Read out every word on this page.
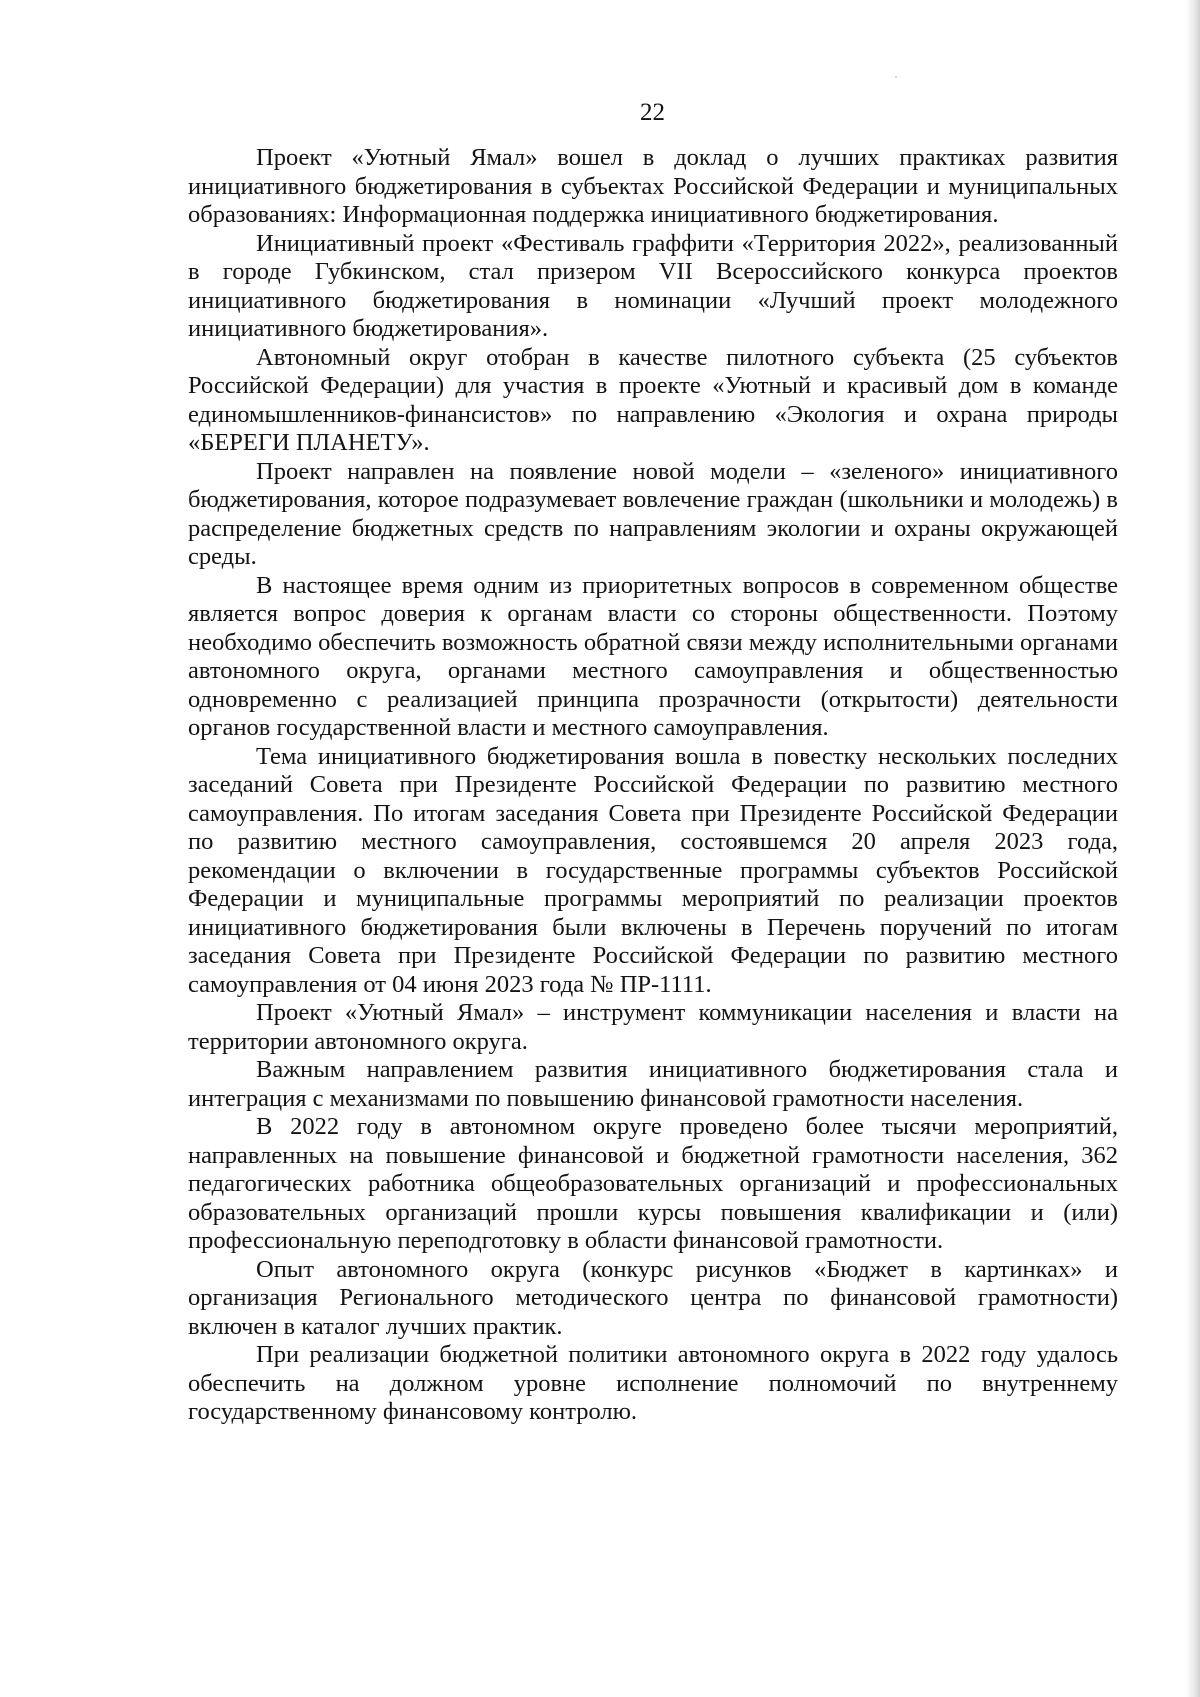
22

Проект «Уютный Ямал» вошел в доклад о лучших практиках развития инициативного бюджетирования в субъектах Российской Федерации и муниципальных образованиях: Информационная поддержка инициативного бюджетирования.

Инициативный проект «Фестиваль граффити «Территория 2022», реализованный в городе Губкинском, стал призером VII Всероссийского конкурса проектов инициативного бюджетирования в номинации «Лучший проект молодежного инициативного бюджетирования».

Автономный округ отобран в качестве пилотного субъекта (25 субъектов Российской Федерации) для участия в проекте «Уютный и красивый дом в команде единомышленников-финансистов» по направлению «Экология и охрана природы «БЕРЕГИ ПЛАНЕТУ».

Проект направлен на появление новой модели – «зеленого» инициативного бюджетирования, которое подразумевает вовлечение граждан (школьники и молодежь) в распределение бюджетных средств по направлениям экологии и охраны окружающей среды.

В настоящее время одним из приоритетных вопросов в современном обществе является вопрос доверия к органам власти со стороны общественности. Поэтому необходимо обеспечить возможность обратной связи между исполнительными органами автономного округа, органами местного самоуправления и общественностью одновременно с реализацией принципа прозрачности (открытости) деятельности органов государственной власти и местного самоуправления.

Тема инициативного бюджетирования вошла в повестку нескольких последних заседаний Совета при Президенте Российской Федерации по развитию местного самоуправления. По итогам заседания Совета при Президенте Российской Федерации по развитию местного самоуправления, состоявшемся 20 апреля 2023 года, рекомендации о включении в государственные программы субъектов Российской Федерации и муниципальные программы мероприятий по реализации проектов инициативного бюджетирования были включены в Перечень поручений по итогам заседания Совета при Президенте Российской Федерации по развитию местного самоуправления от 04 июня 2023 года № ПР-1111.

Проект «Уютный Ямал» – инструмент коммуникации населения и власти на территории автономного округа.

Важным направлением развития инициативного бюджетирования стала и интеграция с механизмами по повышению финансовой грамотности населения.

В 2022 году в автономном округе проведено более тысячи мероприятий, направленных на повышение финансовой и бюджетной грамотности населения, 362 педагогических работника общеобразовательных организаций и профессиональных образовательных организаций прошли курсы повышения квалификации и (или) профессиональную переподготовку в области финансовой грамотности.

Опыт автономного округа (конкурс рисунков «Бюджет в картинках» и организация Регионального методического центра по финансовой грамотности) включен в каталог лучших практик.

При реализации бюджетной политики автономного округа в 2022 году удалось обеспечить на должном уровне исполнение полномочий по внутреннему государственному финансовому контролю.
